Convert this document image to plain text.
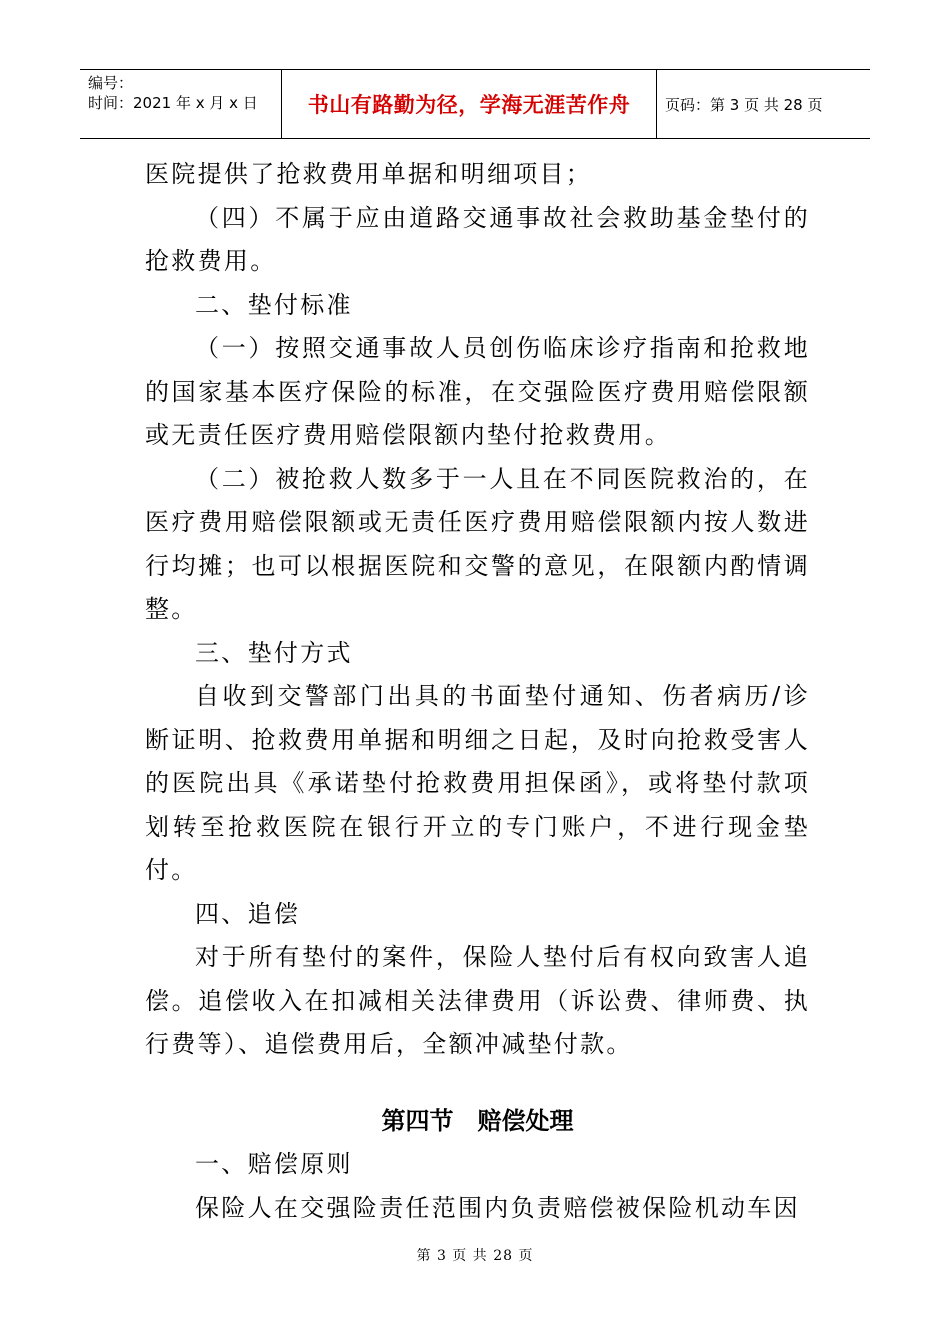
编号：
时间：2021 年 x 月 x 日	书山有路勤为径，学海无涯苦作舟 页码：第 3 页 共 28 页

医院提供了抢救费用单据和明细项目；

（四）不属于应由道路交通事故社会救助基金垫付的抢救费用。

二、垫付标准

（一）按照交通事故人员创伤临床诊疗指南和抢救地的国家基本医疗保险的标准，在交强险医疗费用赔偿限额或无责任医疗费用赔偿限额内垫付抢救费用。

（二）被抢救人数多于一人且在不同医院救治的，在医疗费用赔偿限额或无责任医疗费用赔偿限额内按人数进行均摊；也可以根据医院和交警的意见，在限额内酌情调整。

三、垫付方式

自收到交警部门出具的书面垫付通知、伤者病历/诊断证明、抢救费用单据和明细之日起，及时向抢救受害人的医院出具《承诺垫付抢救费用担保函》，或将垫付款项划转至抢救医院在银行开立的专门账户，不进行现金垫付。

四、追偿

对于所有垫付的案件，保险人垫付后有权向致害人追偿。追偿收入在扣减相关法律费用（诉讼费、律师费、执行费等）、追偿费用后，全额冲减垫付款。

第四节　赔偿处理

一、赔偿原则

保险人在交强险责任范围内负责赔偿被保险机动车因

第 3 页 共 28 页
